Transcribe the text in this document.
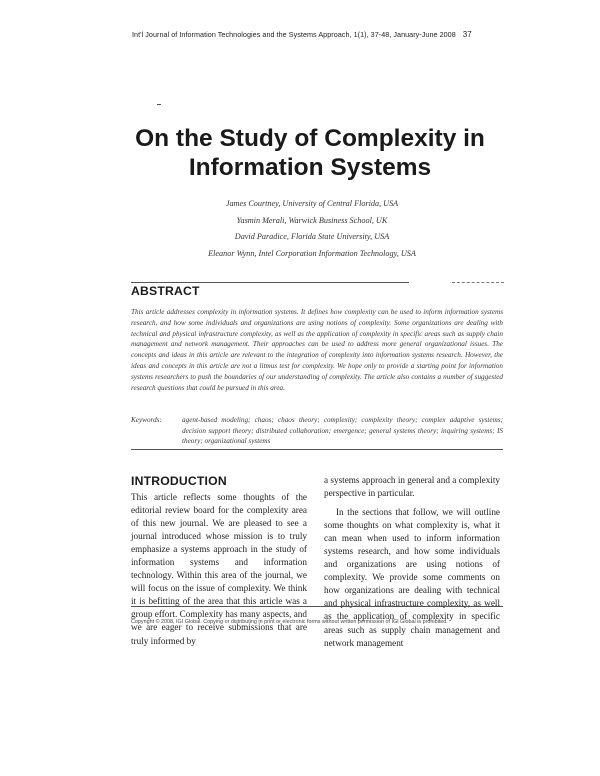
Int'l Journal of Information Technologies and the Systems Approach, 1(1), 37-48, January-June 2008 37
On the Study of Complexity in
Information Systems
James Courtney, University of Central Florida, USA
Yasmin Merali, Warwick Business School, UK
David Paradice, Florida State University, USA
Eleanor Wynn, Intel Corporation Information Technology, USA
ABSTRACT
This article addresses complexity in information systems. It defines how complexity can be used to inform information systems research, and how some individuals and organizations are using notions of complexity. Some organizations are dealing with technical and physical infrastructure complexity, as well as the application of complexity in specific areas such as supply chain management and network management. Their approaches can be used to address more general organizational issues. The concepts and ideas in this article are relevant to the integration of complexity into information systems research. However, the ideas and concepts in this article are not a litmus test for complexity. We hope only to provide a starting point for information systems researchers to push the boundaries of our understanding of complexity. The article also contains a number of suggested research questions that could be pursued in this area.
Keywords:	agent-based modeling; chaos; chaos theory; complexity; complexity theory; complex adaptive systems; decision support theory; distributed collaboration; emergence; general systems theory; inquiring systems; IS theory; organizational systems
INTRODUCTION
This article reflects some thoughts of the editorial review board for the complexity area of this new journal. We are pleased to see a journal introduced whose mission is to truly emphasize a systems approach in the study of information systems and information technology. Within this area of the journal, we will focus on the issue of complexity. We think it is befitting of the area that this article was a group effort. Complexity has many aspects, and we are eager to receive submissions that are truly informed by
a systems approach in general and a complexity perspective in particular.
In the sections that follow, we will outline some thoughts on what complexity is, what it can mean when used to inform information systems research, and how some individuals and organizations are using notions of complexity. We provide some comments on how organizations are dealing with technical and physical infrastructure complexity, as well as the application of complexity in specific areas such as supply chain management and network management
Copyright © 2008, IGI Global. Copying or distributing in print or electronic forms without written permission of IGI Global is prohibited.
